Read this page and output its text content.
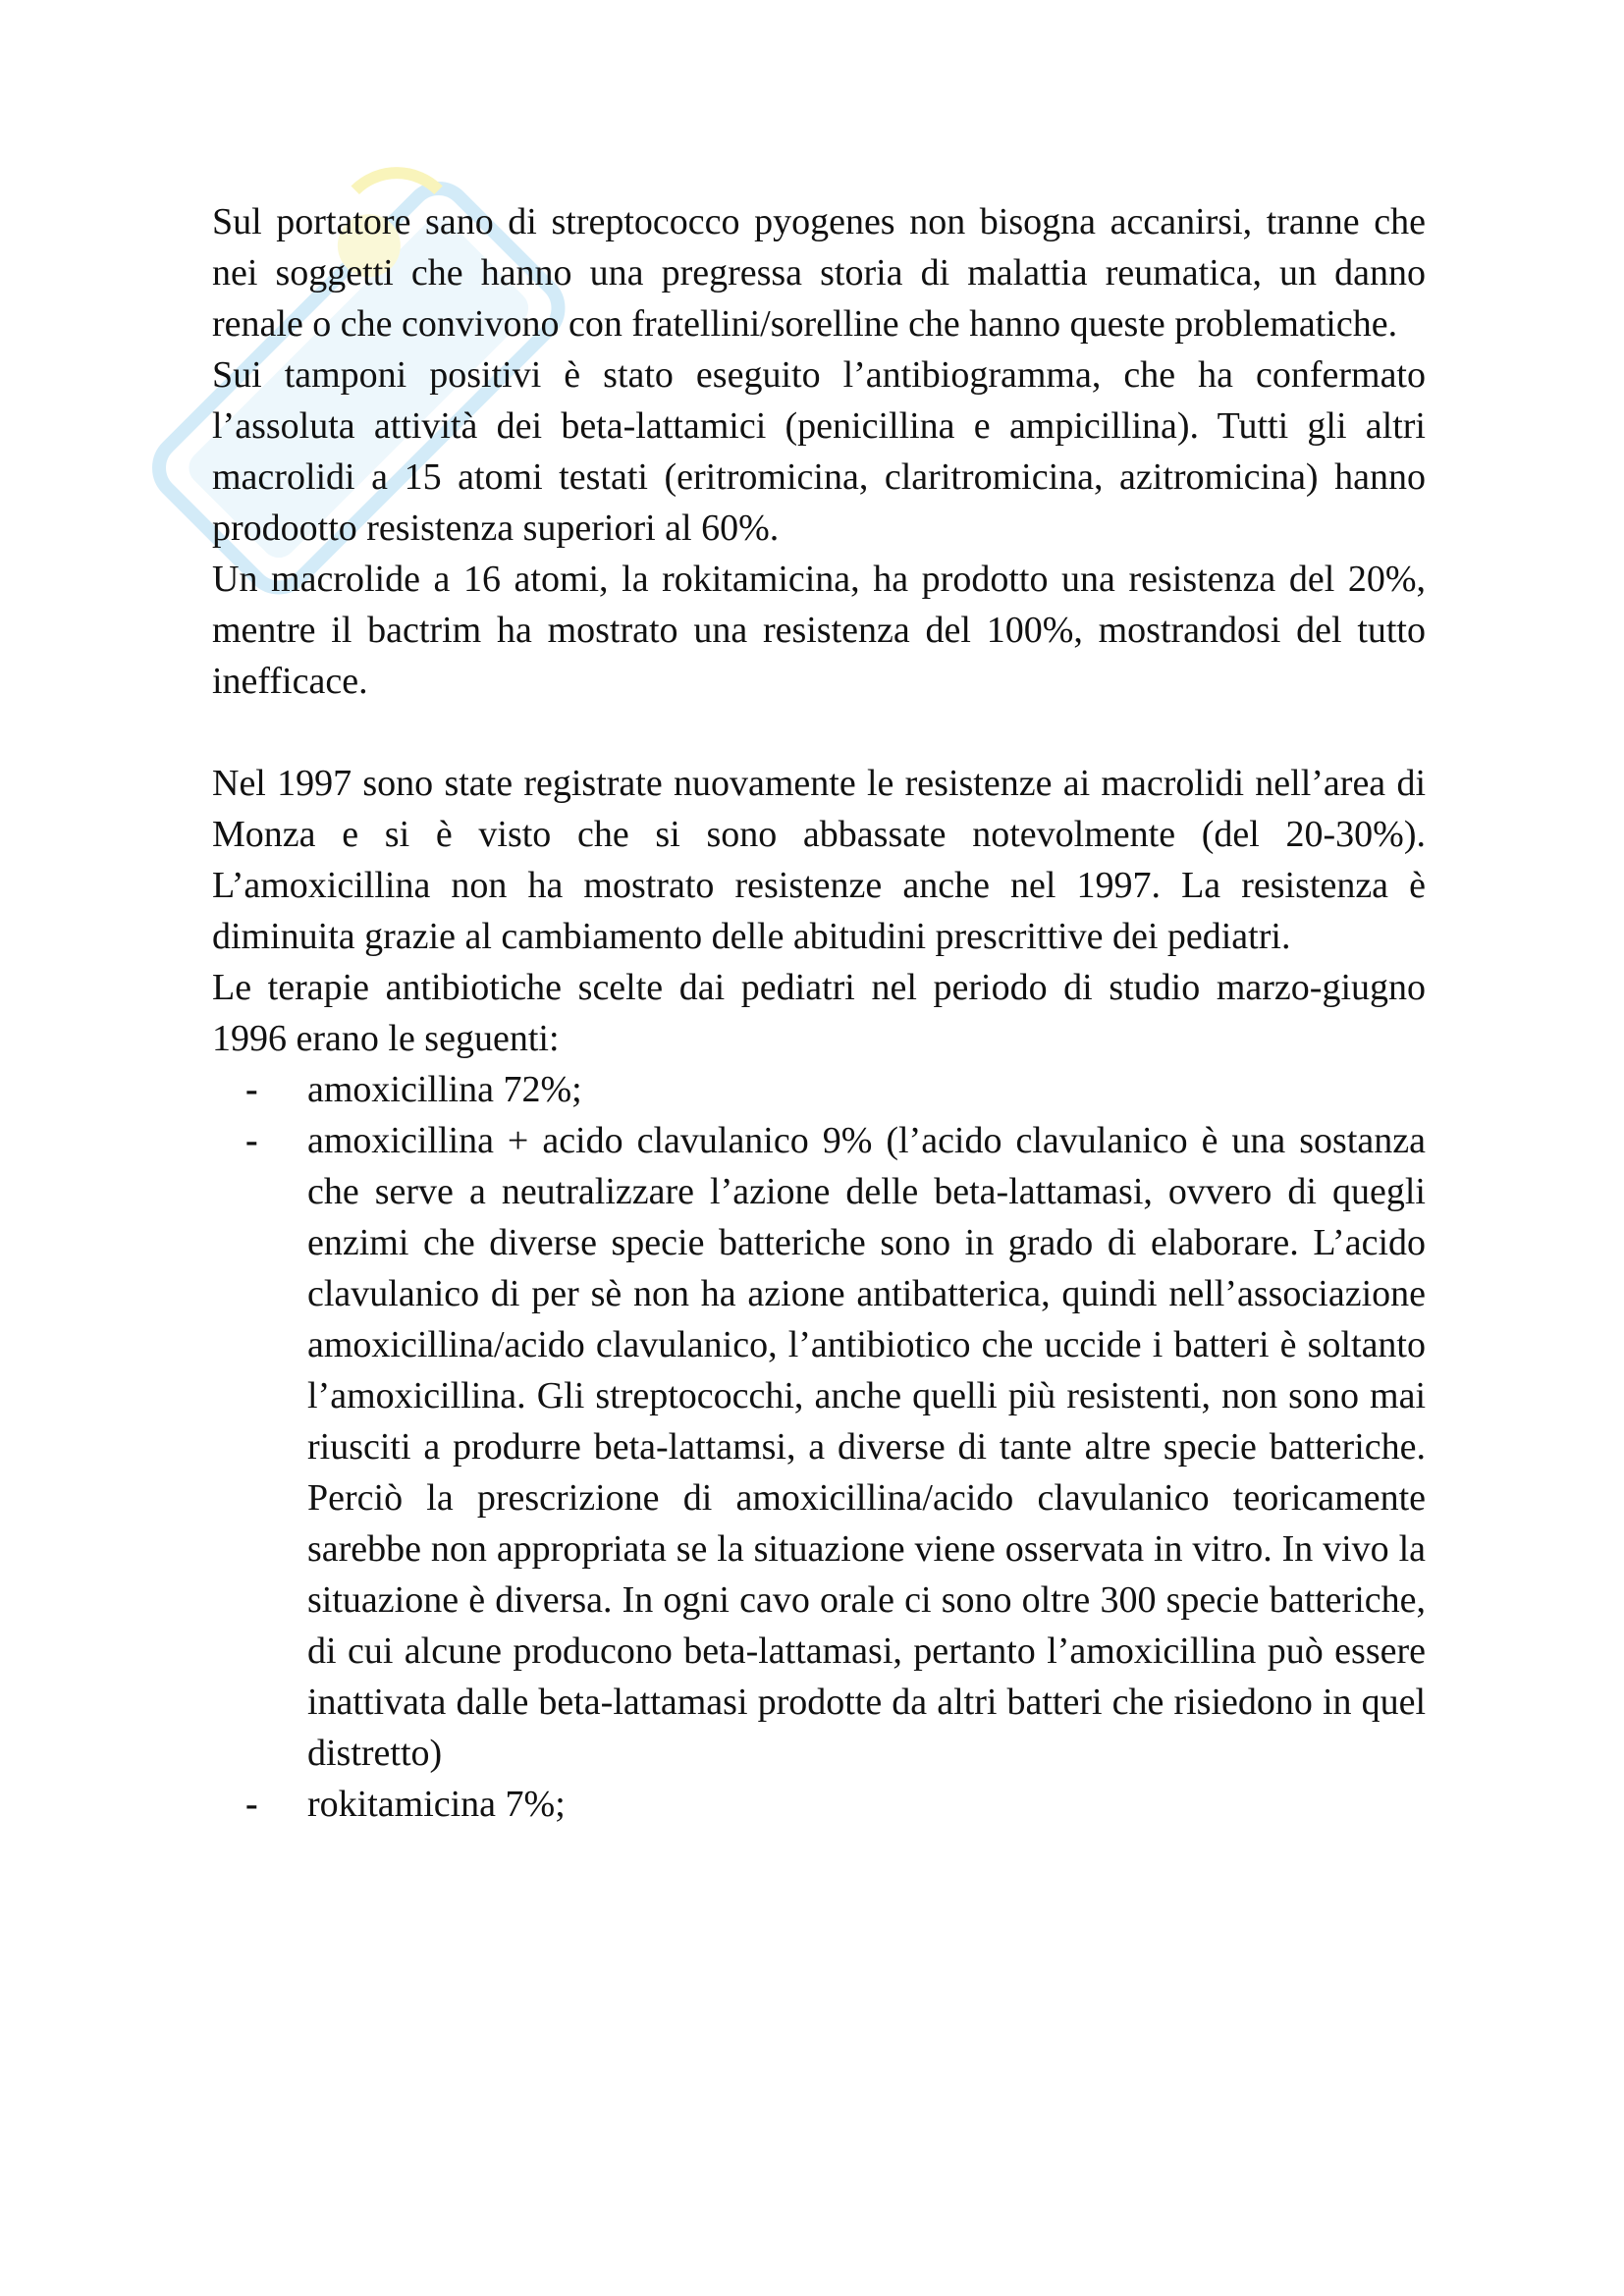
Sul portatore sano di streptococco pyogenes non bisogna accanirsi, tranne che nei soggetti che hanno una pregressa storia di malattia reumatica, un danno renale o che convivono con fratellini/sorelline che hanno queste problematiche.

Sui tamponi positivi è stato eseguito l’antibiogramma, che ha confermato l’assoluta attività dei beta-lattamici (penicillina e ampicillina). Tutti gli altri macrolidi a 15 atomi testati (eritromicina, claritromicina, azitromicina) hanno prodootto resistenza superiori al 60%.

Un macrolide a 16 atomi, la rokitamicina, ha prodotto una resistenza del 20%, mentre il bactrim ha mostrato una resistenza del 100%, mostrandosi del tutto inefficace.

Nel 1997 sono state registrate nuovamente le resistenze ai macrolidi nell’area di Monza e si è visto che si sono abbassate notevolmente (del 20-30%). L’amoxicillina non ha mostrato resistenze anche nel 1997. La resistenza è diminuita grazie al cambiamento delle abitudini prescrittive dei pediatri.

Le terapie antibiotiche scelte dai pediatri nel periodo di studio marzo-giugno 1996 erano le seguenti:

- amoxicillina 72%;
- amoxicillina + acido clavulanico 9% (l’acido clavulanico è una sostanza che serve a neutralizzare l’azione delle beta-lattamasi, ovvero di quegli enzimi che diverse specie batteriche sono in grado di elaborare. L’acido clavulanico di per sè non ha azione antibatterica, quindi nell’associazione amoxicillina/acido clavulanico, l’antibiotico che uccide i batteri è soltanto l’amoxicillina. Gli streptococchi, anche quelli più resistenti, non sono mai riusciti a produrre beta-lattamsi, a diverse di tante altre specie batteriche. Perciò la prescrizione di amoxicillina/acido clavulanico teoricamente sarebbe non appropriata se la situazione viene osservata in vitro. In vivo la situazione è diversa. In ogni cavo orale ci sono oltre 300 specie batteriche, di cui alcune producono beta-lattamasi, pertanto l’amoxicillina può essere inattivata dalle beta-lattamasi prodotte da altri batteri che risiedono in quel distretto)
- rokitamicina 7%;
